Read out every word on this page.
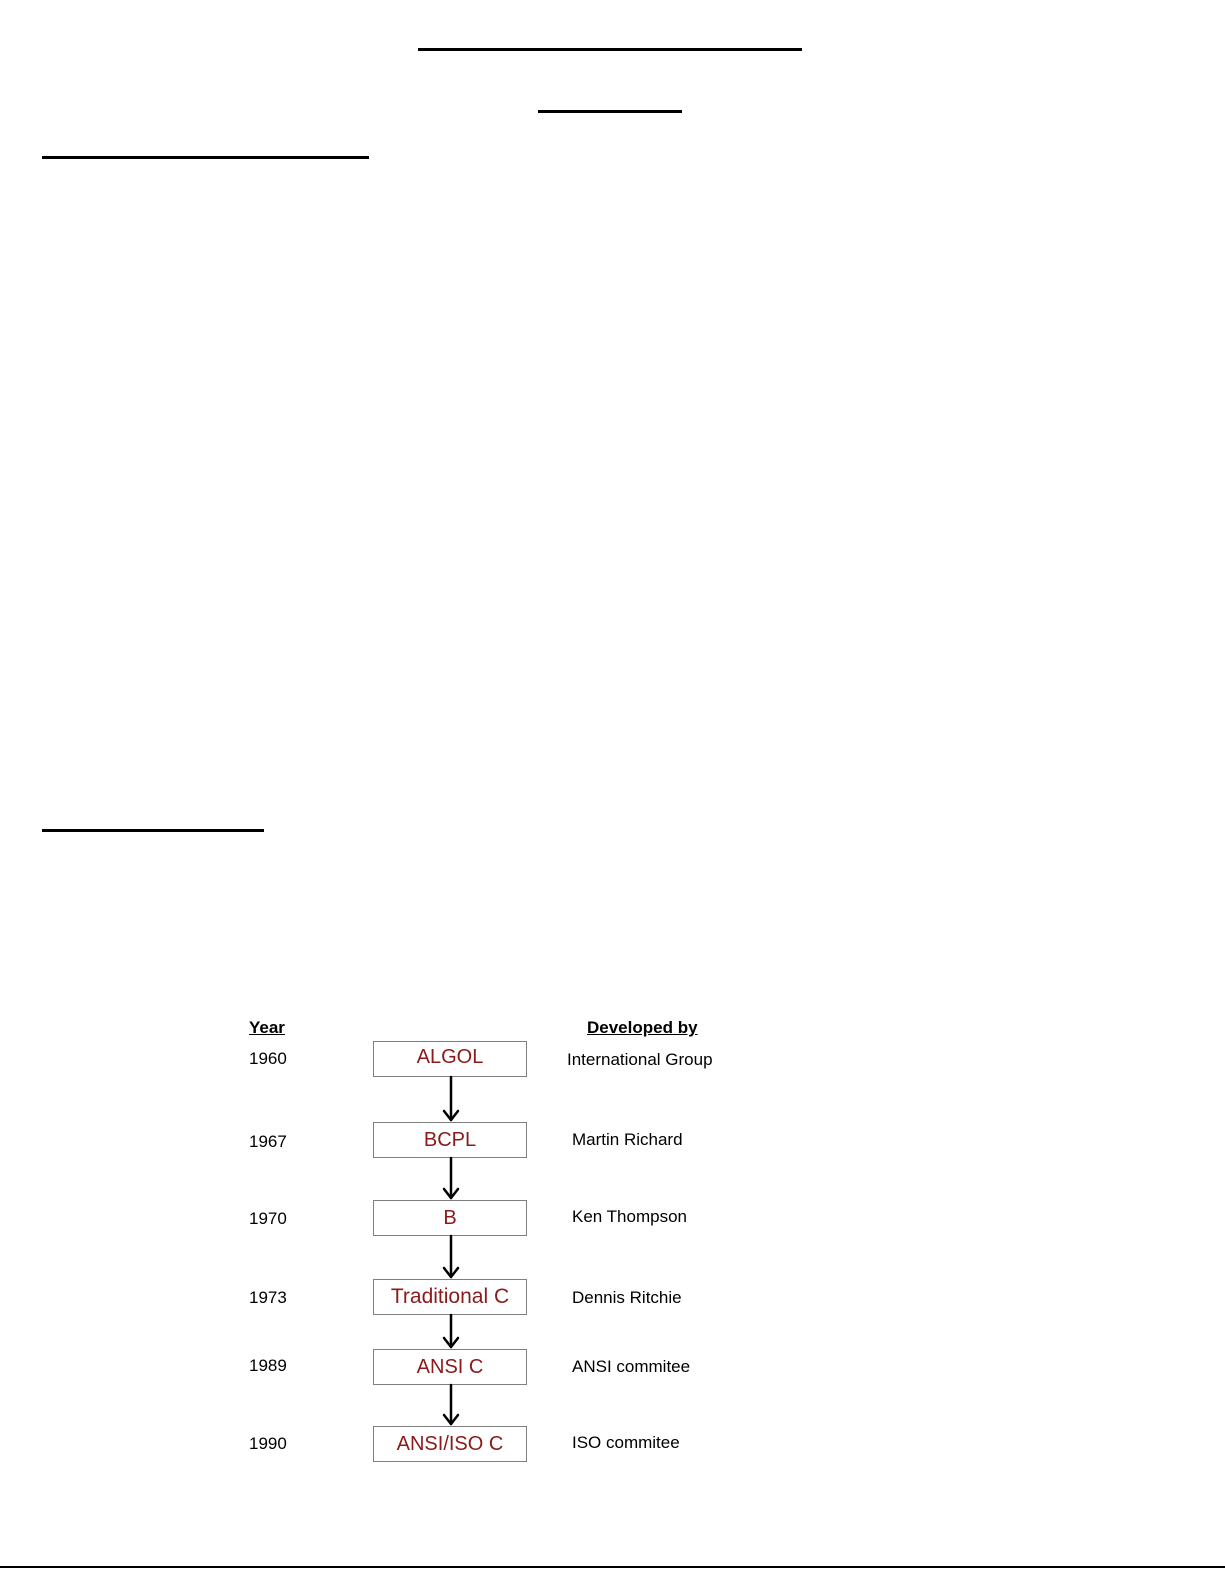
Year	Developed by
1960	ALGOL	International Group
1967	BCPL	Martin Richard
1970	B	Ken Thompson
1973	Traditional C	Dennis Ritchie
1989	ANSI C	ANSI commitee
1990	ANSI/ISO C	ISO commitee
